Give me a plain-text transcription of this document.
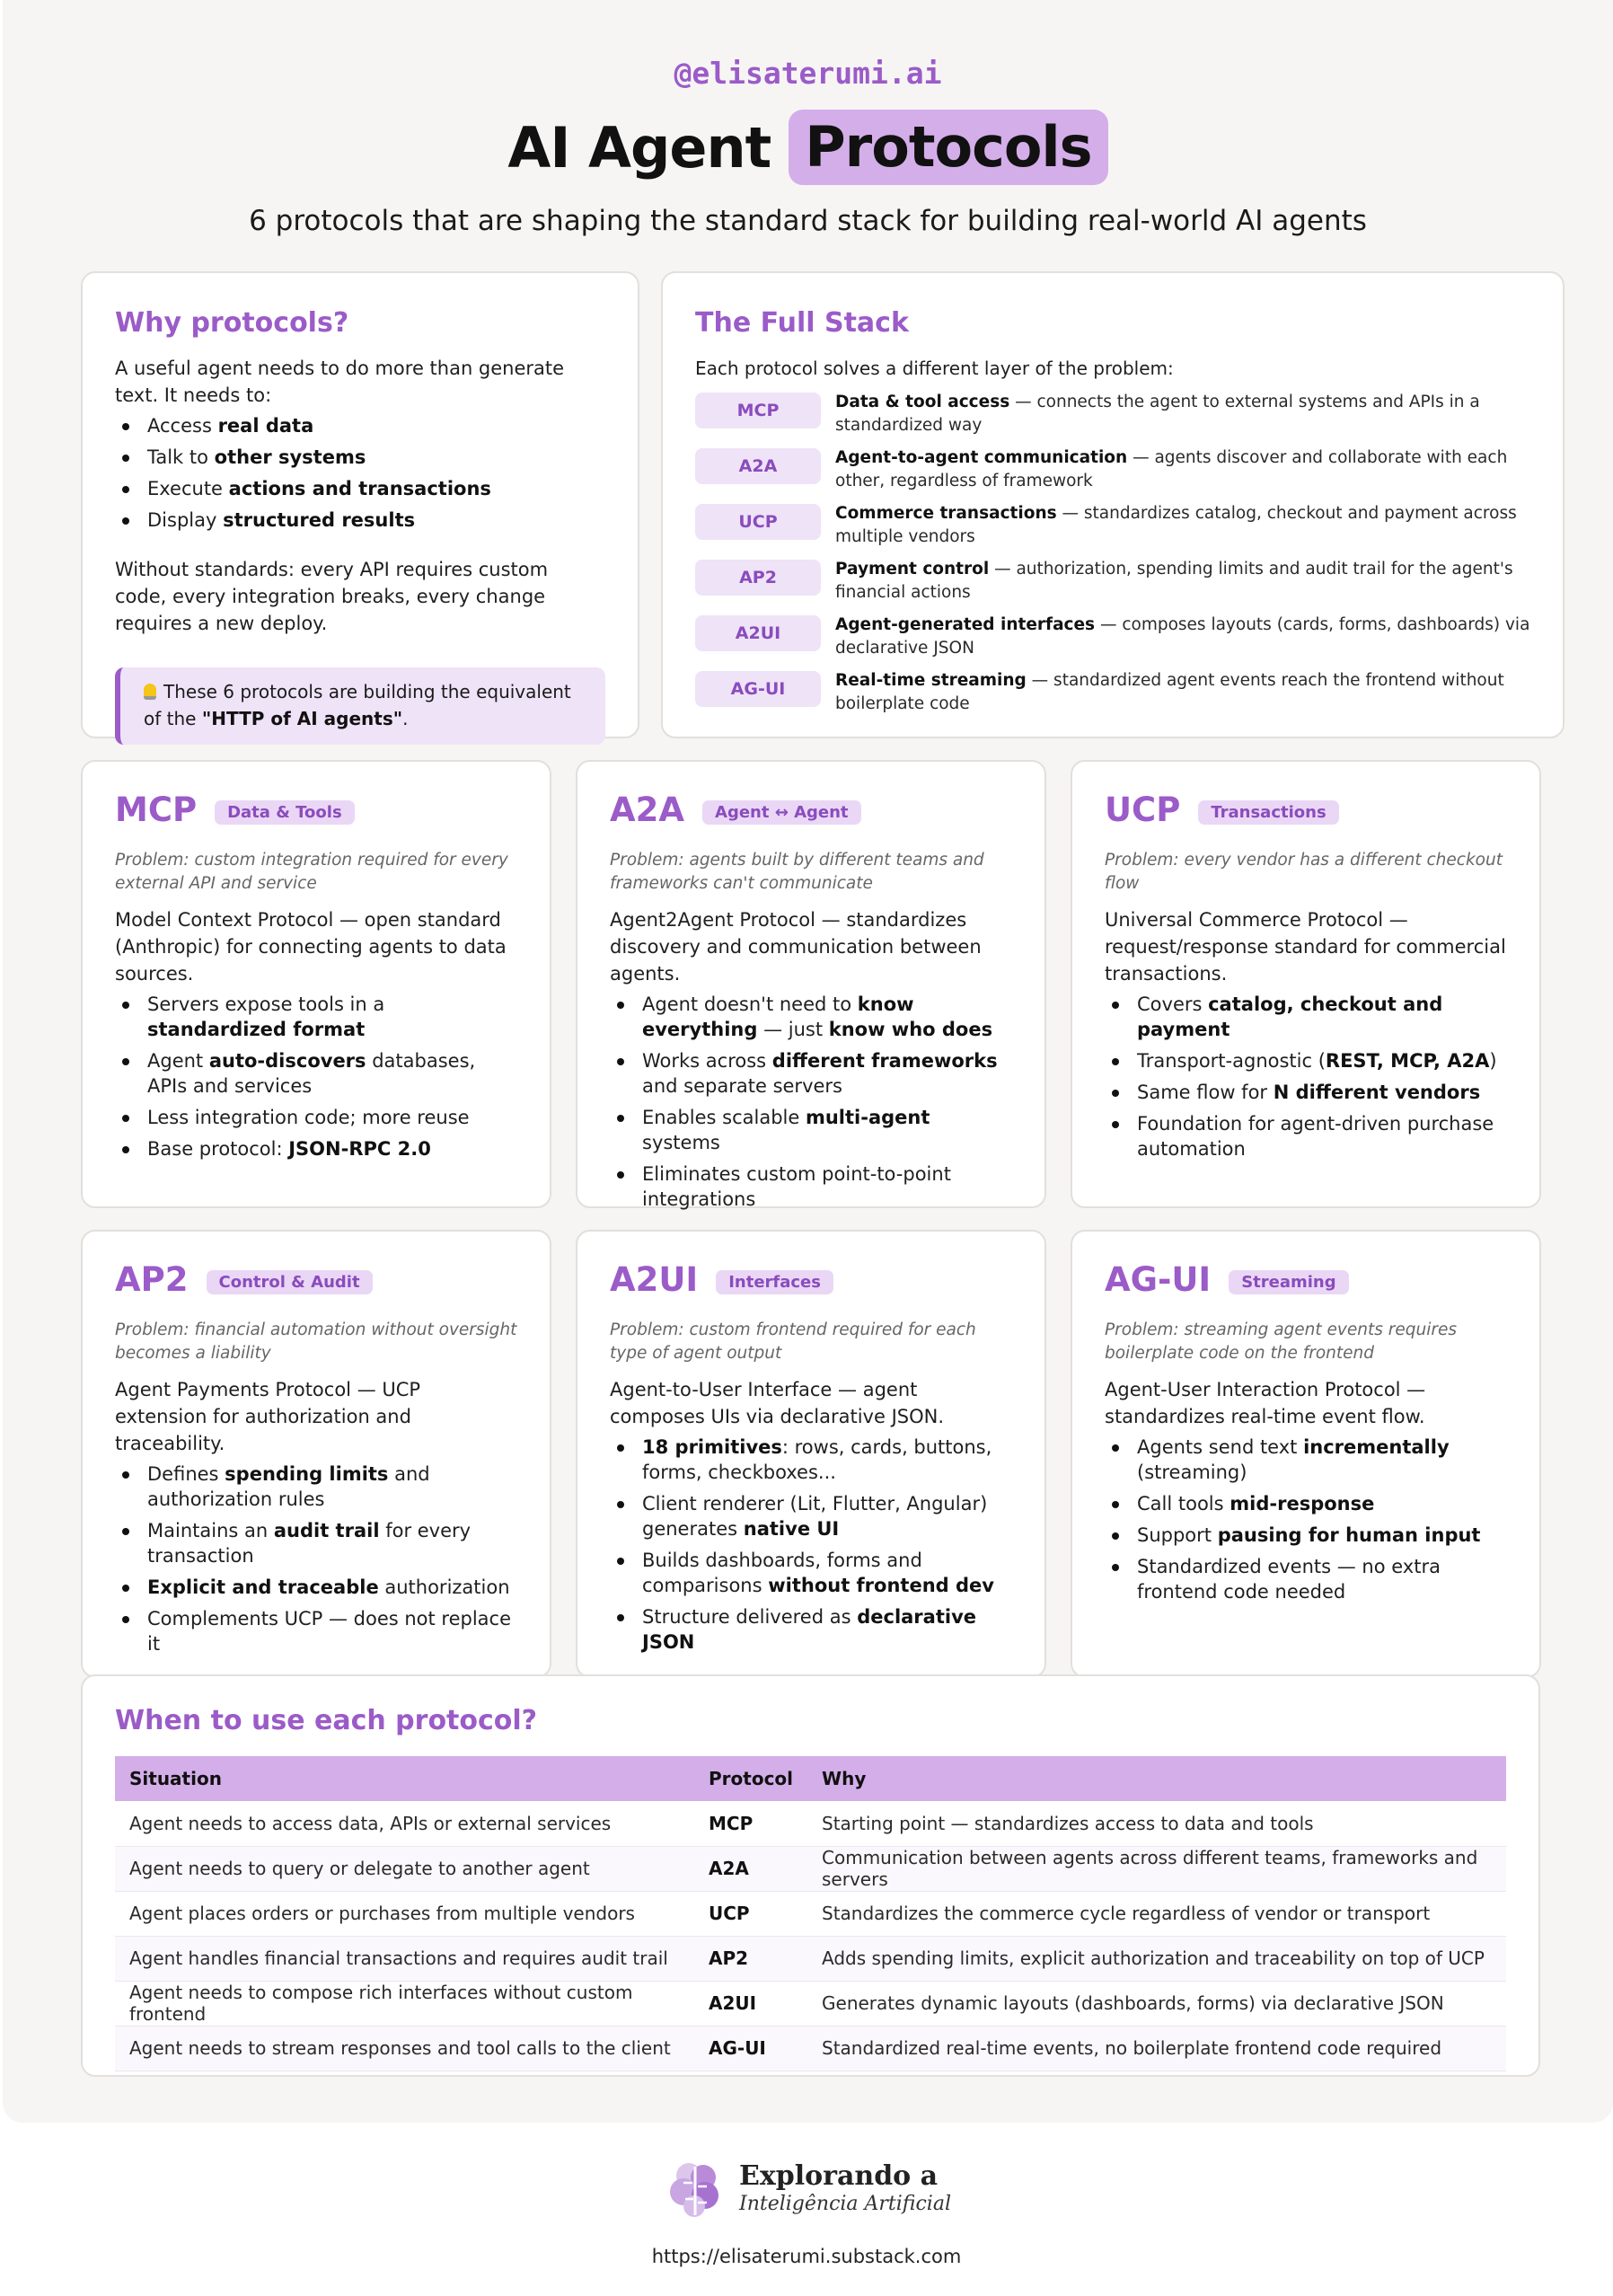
@elisaterumi.ai
AI Agent Protocols
6 protocols that are shaping the standard stack for building real-world AI agents
Why protocols?
A useful agent needs to do more than generate text. It needs to:
Access real data
Talk to other systems
Execute actions and transactions
Display structured results
Without standards: every API requires custom code, every integration breaks, every change requires a new deploy.
These 6 protocols are building the equivalent of the "HTTP of AI agents".
The Full Stack
Each protocol solves a different layer of the problem:
MCP	Data & tool access — connects the agent to external systems and APIs in a standardized way
A2A	Agent-to-agent communication — agents discover and collaborate with each other, regardless of framework
UCP	Commerce transactions — standardizes catalog, checkout and payment across multiple vendors
AP2	Payment control — authorization, spending limits and audit trail for the agent's financial actions
A2UI	Agent-generated interfaces — composes layouts (cards, forms, dashboards) via declarative JSON
AG-UI	Real-time streaming — standardized agent events reach the frontend without boilerplate code
MCP	Data & Tools
Problem: custom integration required for every external API and service
Model Context Protocol — open standard (Anthropic) for connecting agents to data sources.
Servers expose tools in a standardized format
Agent auto-discovers databases, APIs and services
Less integration code; more reuse
Base protocol: JSON-RPC 2.0
A2A	Agent ↔ Agent
Problem: agents built by different teams and frameworks can't communicate
Agent2Agent Protocol — standardizes discovery and communication between agents.
Agent doesn't need to know everything — just know who does
Works across different frameworks and separate servers
Enables scalable multi-agent systems
Eliminates custom point-to-point integrations
UCP	Transactions
Problem: every vendor has a different checkout flow
Universal Commerce Protocol — request/response standard for commercial transactions.
Covers catalog, checkout and payment
Transport-agnostic (REST, MCP, A2A)
Same flow for N different vendors
Foundation for agent-driven purchase automation
AP2	Control & Audit
Problem: financial automation without oversight becomes a liability
Agent Payments Protocol — UCP extension for authorization and traceability.
Defines spending limits and authorization rules
Maintains an audit trail for every transaction
Explicit and traceable authorization
Complements UCP — does not replace it
A2UI	Interfaces
Problem: custom frontend required for each type of agent output
Agent-to-User Interface — agent composes UIs via declarative JSON.
18 primitives: rows, cards, buttons, forms, checkboxes...
Client renderer (Lit, Flutter, Angular) generates native UI
Builds dashboards, forms and comparisons without frontend dev
Structure delivered as declarative JSON
AG-UI	Streaming
Problem: streaming agent events requires boilerplate code on the frontend
Agent-User Interaction Protocol — standardizes real-time event flow.
Agents send text incrementally (streaming)
Call tools mid-response
Support pausing for human input
Standardized events — no extra frontend code needed
When to use each protocol?
Situation	Protocol	Why
Agent needs to access data, APIs or external services	MCP	Starting point — standardizes access to data and tools
Agent needs to query or delegate to another agent	A2A	Communication between agents across different teams, frameworks and servers
Agent places orders or purchases from multiple vendors	UCP	Standardizes the commerce cycle regardless of vendor or transport
Agent handles financial transactions and requires audit trail	AP2	Adds spending limits, explicit authorization and traceability on top of UCP
Agent needs to compose rich interfaces without custom frontend	A2UI	Generates dynamic layouts (dashboards, forms) via declarative JSON
Agent needs to stream responses and tool calls to the client	AG-UI	Standardized real-time events, no boilerplate frontend code required
Explorando a
Inteligência Artificial
https://elisaterumi.substack.com
